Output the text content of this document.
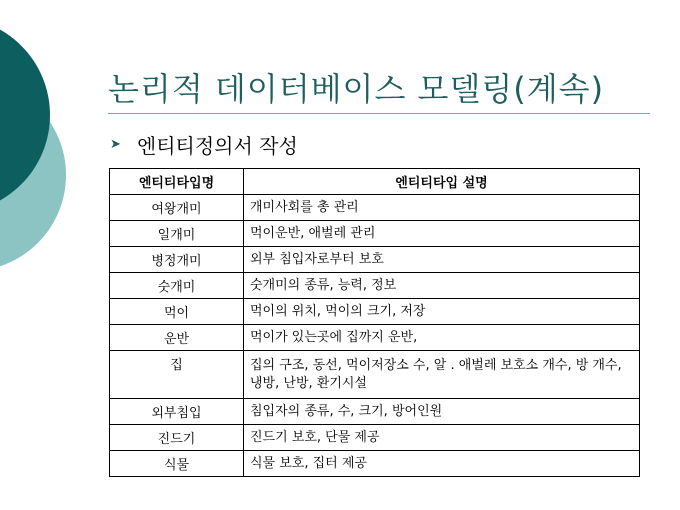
논리적 데이터베이스 모델링(계속)
➤ 엔티티정의서 작성
엔티티타입명	엔티티타입 설명
여왕개미	개미사회를 총 관리
일개미	먹이운반, 애벌레 관리
병정개미	외부 침입자로부터 보호
숫개미	숫개미의 종류, 능력, 정보
먹이	먹이의 위치, 먹이의 크기, 저장
운반	먹이가 있는곳에 집까지 운반,
집	집의 구조, 동선, 먹이저장소 수, 알 . 애벌레 보호소 개수, 방 개수, 냉방, 난방, 환기시설
외부침입	침입자의 종류, 수, 크기, 방어인원
진드기	진드기 보호, 단물 제공
식물	식물 보호, 집터 제공
